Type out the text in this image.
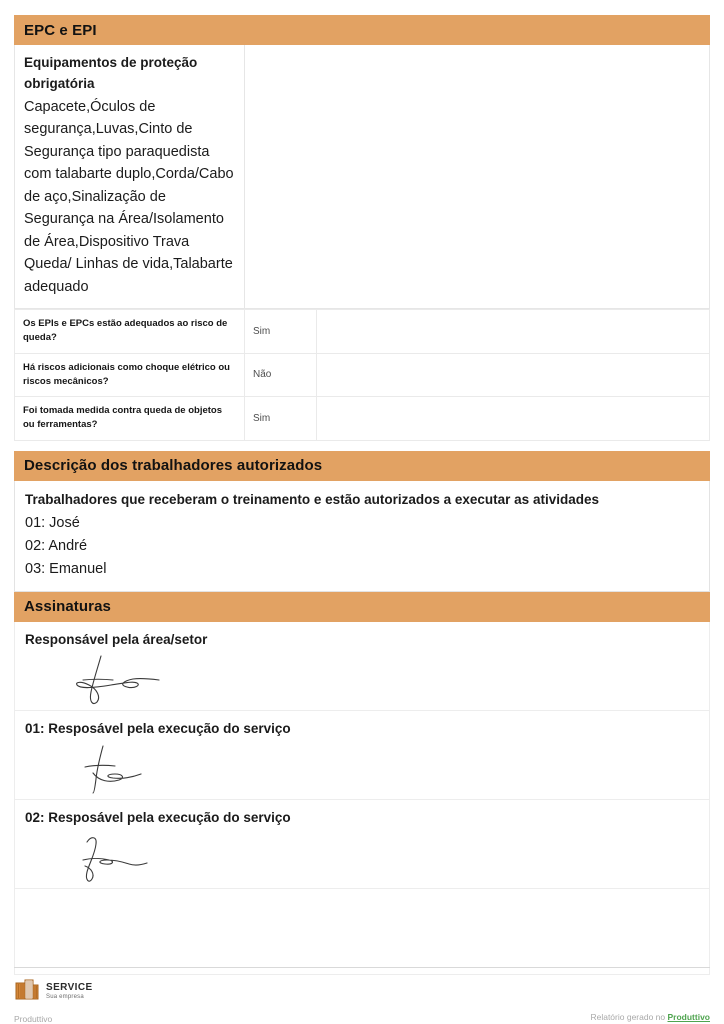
EPC e EPI
Equipamentos de proteção obrigatória
Capacete,Óculos de segurança,Luvas,Cinto de Segurança tipo paraquedista com talabarte duplo,Corda/Cabo de aço,Sinalização de Segurança na Área/Isolamento de Área,Dispositivo Trava Queda/ Linhas de vida,Talabarte adequado
Os EPIs e EPCs estão adequados ao risco de queda?	Sim	
Há riscos adicionais como choque elétrico ou riscos mecânicos?	Não	
Foi tomada medida contra queda de objetos ou ferramentas?	Sim	
Descrição dos trabalhadores autorizados
Trabalhadores que receberam o treinamento e estão autorizados a executar as atividades
01: José
02: André
03: Emanuel
Assinaturas
Responsável pela área/setor
01: Resposável pela execução do serviço
02: Resposável pela execução do serviço
SERVICE
Sua empresa
Produttivo	Relatório gerado no Produttivo
